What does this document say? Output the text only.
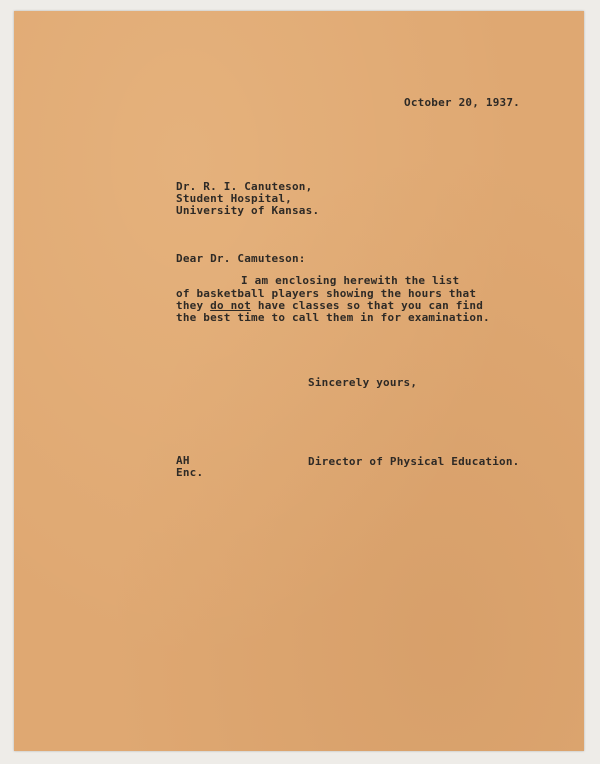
October 20, 1937.
Dr. R. I. Canuteson,
Student Hospital,
University of Kansas.
Dear Dr. Camuteson:
I am enclosing herewith the list
of basketball players showing the hours that
they do not have classes so that you can find
the best time to call them in for examination.
Sincerely yours,
AH
Enc.
Director of Physical Education.
